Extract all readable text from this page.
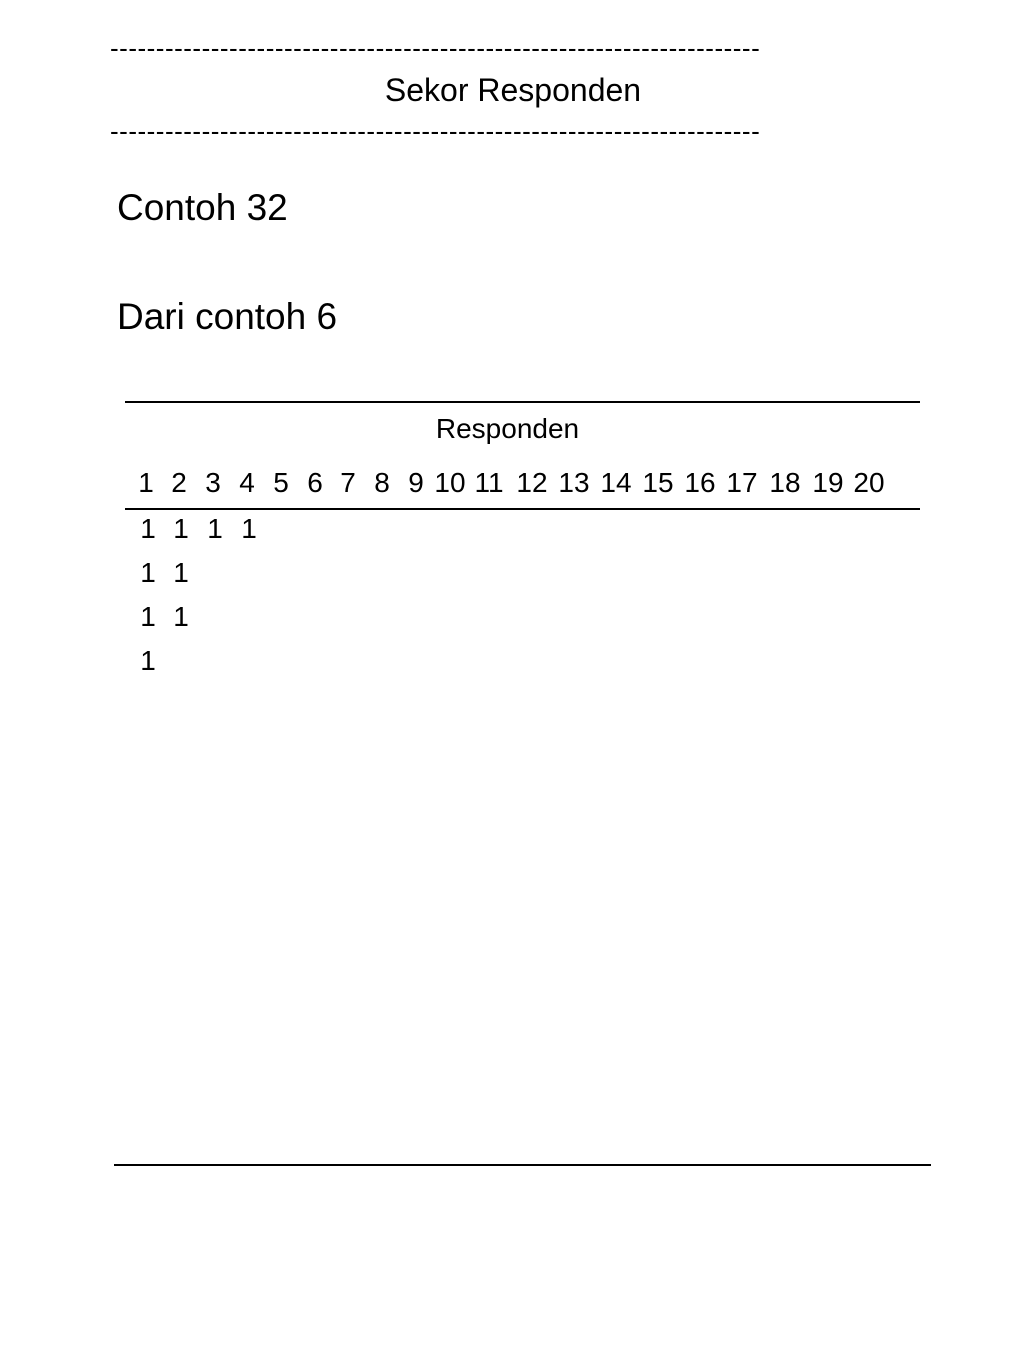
-----------------------------------------------------------------------
Sekor Responden
-----------------------------------------------------------------------
Contoh 32
Dari contoh 6
Responden
1 2 3 4 5 6 7 8 9 10 11 12 13 14 15 16 17 18 19 20
1 1 1 1
1 1
1 1
1
